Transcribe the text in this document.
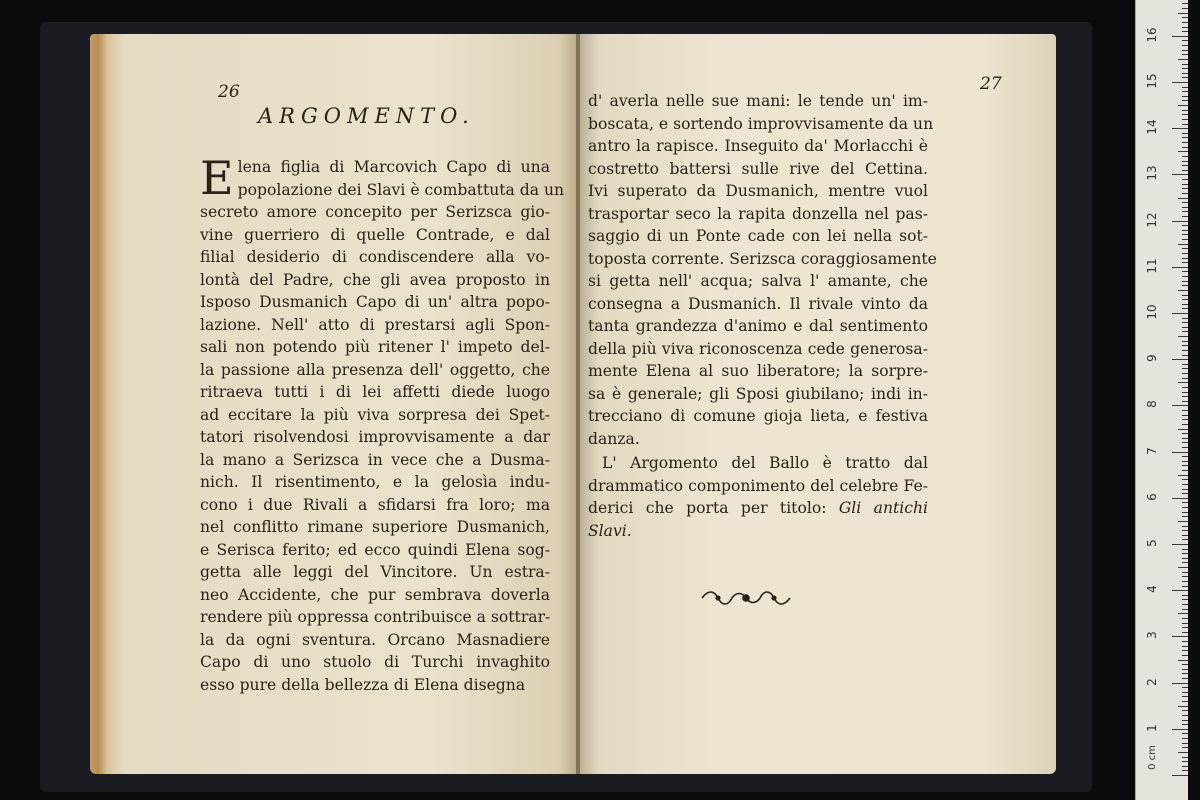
26
ARGOMENTO.
E lena figlia di Marcovich Capo di una
popolazione dei Slavi è combattuta da un
secreto amore concepito per Serizsca gio-
vine guerriero di quelle Contrade, e dal
filial desiderio di condiscendere alla vo-
lontà del Padre, che gli avea proposto in
Isposo Dusmanich Capo di un' altra popo-
lazione. Nell' atto di prestarsi agli Spon-
sali non potendo più ritener l' impeto del-
la passione alla presenza dell' oggetto, che
ritraeva tutti i di lei affetti diede luogo
ad eccitare la più viva sorpresa dei Spet-
tatori risolvendosi improvvisamente a dar
la mano a Serizsca in vece che a Dusma-
nich. Il risentimento, e la gelosìa indu-
cono i due Rivali a sfidarsi fra loro; ma
nel conflitto rimane superiore Dusmanich,
e Serisca ferito; ed ecco quindi Elena sog-
getta alle leggi del Vincitore. Un estra-
neo Accidente, che pur sembrava doverla
rendere più oppressa contribuisce a sottrar-
la da ogni sventura. Orcano Masnadiere
Capo di uno stuolo di Turchi invaghito
esso pure della bellezza di Elena disegna
27
d' averla nelle sue mani: le tende un' im-
boscata, e sortendo improvvisamente da un
antro la rapisce. Inseguito da' Morlacchi è
costretto battersi sulle rive del Cettina.
Ivi superato da Dusmanich, mentre vuol
trasportar seco la rapita donzella nel pas-
saggio di un Ponte cade con lei nella sot-
toposta corrente. Serizsca coraggiosamente
si getta nell' acqua; salva l' amante, che
consegna a Dusmanich. Il rivale vinto da
tanta grandezza d'animo e dal sentimento
della più viva riconoscenza cede generosa-
mente Elena al suo liberatore; la sorpre-
sa è generale; gli Sposi giubilano; indi in-
trecciano di comune gioja lieta, e festiva
danza.
L' Argomento del Ballo è tratto dal
drammatico componimento del celebre Fe-
derici che porta per titolo: Gli antichi
Slavi.
0 cm
16
15
14
13
12
11
10
9
8
7
6
5
4
3
2
1
